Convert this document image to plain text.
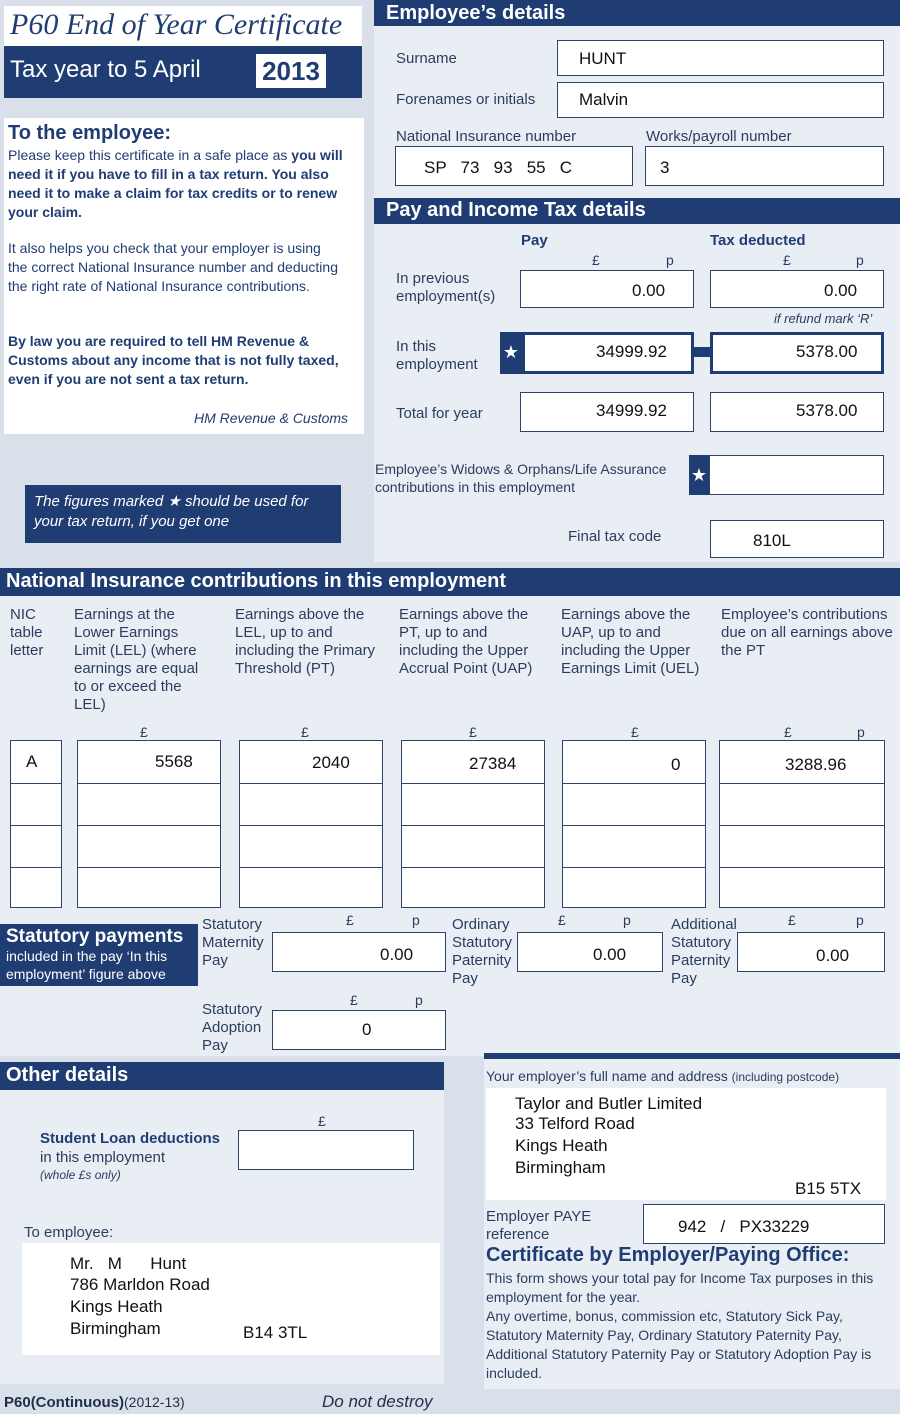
P60 End of Year Certificate
Tax year to 5 April 2013
To the employee:
Please keep this certificate in a safe place as you will need it if you have to fill in a tax return. You also need it to make a claim for tax credits or to renew your claim.
It also helps you check that your employer is using the correct National Insurance number and deducting the right rate of National Insurance contributions.
By law you are required to tell HM Revenue & Customs about any income that is not fully taxed, even if you are not sent a tax return.
HM Revenue & Customs
The figures marked ★ should be used for your tax return, if you get one
Employee’s details
Surname	HUNT
Forenames or initials	Malvin
National Insurance number
SP   73   93   55   C
Works/payroll number
3
Pay and Income Tax details
Pay	Tax deducted
£	p	£	p
In previous employment(s)	0.00	0.00
if refund mark ‘R’
In this employment
★	34999.92	5378.00
Total for year	34999.92	5378.00
Employee’s Widows & Orphans/Life Assurance contributions in this employment
★
Final tax code	810L
National Insurance contributions in this employment
NIC table letter
Earnings at the Lower Earnings Limit (LEL) (where earnings are equal to or exceed the LEL)
Earnings above the LEL, up to and including the Primary Threshold (PT)
Earnings above the PT, up to and including the Upper Accrual Point (UAP)
Earnings above the UAP, up to and including the Upper Earnings Limit (UEL)
Employee’s contributions due on all earnings above the PT
£	£	£	£	£	p
A	5568	2040	27384	0	3288.96
Statutory payments
included in the pay ‘In this employment’ figure above
Statutory Maternity Pay
£	p
0.00
Ordinary Statutory Paternity Pay
£	p
0.00
Additional Statutory Paternity Pay
£	p
0.00
Statutory Adoption Pay
£	p
0
Other details
Student Loan deductions
in this employment
(whole £s only)
£
To employee:
Mr.   M      Hunt
786 Marldon Road
Kings Heath
Birmingham	B14 3TL
Your employer’s full name and address (including postcode)
Taylor and Butler Limited
33 Telford Road
Kings Heath
Birmingham
B15 5TX
Employer PAYE reference	942   /   PX33229
Certificate by Employer/Paying Office:
This form shows your total pay for Income Tax purposes in this employment for the year.
Any overtime, bonus, commission etc, Statutory Sick Pay, Statutory Maternity Pay, Ordinary Statutory Paternity Pay, Additional Statutory Paternity Pay or Statutory Adoption Pay is included.
P60(Continuous)(2012-13)	Do not destroy
